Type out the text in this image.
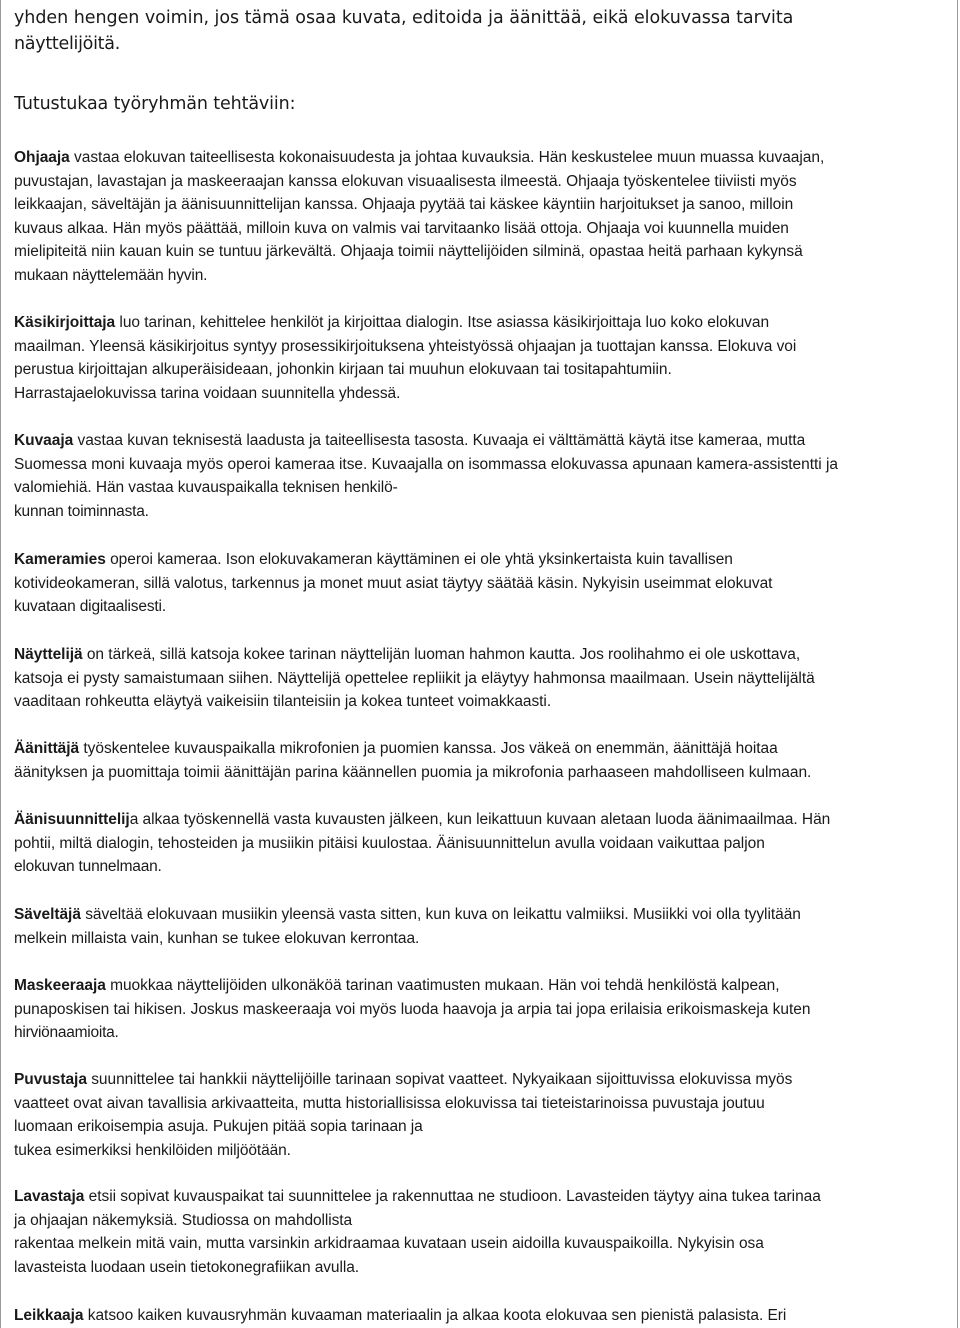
yhden hengen voimin, jos tämä osaa kuvata, editoida ja äänittää, eikä elokuvassa tarvita
näyttelijöitä.
Tutustukaa työryhmän tehtäviin:
Ohjaaja vastaa elokuvan taiteellisesta kokonaisuudesta ja johtaa kuvauksia. Hän keskustelee muun muassa kuvaajan,
puvustajan, lavastajan ja maskeeraajan kanssa elokuvan visuaalisesta ilmeestä. Ohjaaja työskentelee tiiviisti myös
leikkaajan, säveltäjän ja äänisuunnittelijan kanssa. Ohjaaja pyytää tai käskee käyntiin harjoitukset ja sanoo, milloin
kuvaus alkaa. Hän myös päättää, milloin kuva on valmis vai tarvitaanko lisää ottoja. Ohjaaja voi kuunnella muiden
mielipiteitä niin kauan kuin se tuntuu järkevältä. Ohjaaja toimii näyttelijöiden silminä, opastaa heitä parhaan kykynsä
mukaan näyttelemään hyvin.
Käsikirjoittaja luo tarinan, kehittelee henkilöt ja kirjoittaa dialogin. Itse asiassa käsikirjoittaja luo koko elokuvan
maailman. Yleensä käsikirjoitus syntyy prosessikirjoituksena yhteistyössä ohjaajan ja tuottajan kanssa. Elokuva voi
perustua kirjoittajan alkuperäisideaan, johonkin kirjaan tai muuhun elokuvaan tai tositapahtumiin.
Harrastajaelokuvissa tarina voidaan suunnitella yhdessä.
Kuvaaja vastaa kuvan teknisestä laadusta ja taiteellisesta tasosta. Kuvaaja ei välttämättä käytä itse kameraa, mutta
Suomessa moni kuvaaja myös operoi kameraa itse. Kuvaajalla on isommassa elokuvassa apunaan kamera-assistentti ja
valomiehiä. Hän vastaa kuvauspaikalla teknisen henkilö-
kunnan toiminnasta.
Kameramies operoi kameraa. Ison elokuvakameran käyttäminen ei ole yhtä yksinkertaista kuin tavallisen
kotivideokameran, sillä valotus, tarkennus ja monet muut asiat täytyy säätää käsin. Nykyisin useimmat elokuvat
kuvataan digitaalisesti.
Näyttelijä on tärkeä, sillä katsoja kokee tarinan näyttelijän luoman hahmon kautta. Jos roolihahmo ei ole uskottava,
katsoja ei pysty samaistumaan siihen. Näyttelijä opettelee repliikit ja eläytyy hahmonsa maailmaan. Usein näyttelijältä
vaaditaan rohkeutta eläytyä vaikeisiin tilanteisiin ja kokea tunteet voimakkaasti.
Äänittäjä työskentelee kuvauspaikalla mikrofonien ja puomien kanssa. Jos väkeä on enemmän, äänittäjä hoitaa
äänityksen ja puomittaja toimii äänittäjän parina käännellen puomia ja mikrofonia parhaaseen mahdolliseen kulmaan.
Äänisuunnittelija alkaa työskennellä vasta kuvausten jälkeen, kun leikattuun kuvaan aletaan luoda äänimaailmaa. Hän
pohtii, miltä dialogin, tehosteiden ja musiikin pitäisi kuulostaa. Äänisuunnittelun avulla voidaan vaikuttaa paljon
elokuvan tunnelmaan.
Säveltäjä säveltää elokuvaan musiikin yleensä vasta sitten, kun kuva on leikattu valmiiksi. Musiikki voi olla tyylitään
melkein millaista vain, kunhan se tukee elokuvan kerrontaa.
Maskeeraaja muokkaa näyttelijöiden ulkonäköä tarinan vaatimusten mukaan. Hän voi tehdä henkilöstä kalpean,
punaposkisen tai hikisen. Joskus maskeeraaja voi myös luoda haavoja ja arpia tai jopa erilaisia erikoismaskeja kuten
hirviönaamioita.
Puvustaja suunnittelee tai hankkii näyttelijöille tarinaan sopivat vaatteet. Nykyaikaan sijoittuvissa elokuvissa myös
vaatteet ovat aivan tavallisia arkivaatteita, mutta historiallisissa elokuvissa tai tieteistarinoissa puvustaja joutuu
luomaan erikoisempia asuja. Pukujen pitää sopia tarinaan ja
tukea esimerkiksi henkilöiden miljöötään.
Lavastaja etsii sopivat kuvauspaikat tai suunnittelee ja rakennuttaa ne studioon. Lavasteiden täytyy aina tukea tarinaa
ja ohjaajan näkemyksiä. Studiossa on mahdollista
rakentaa melkein mitä vain, mutta varsinkin arkidraamaa kuvataan usein aidoilla kuvauspaikoilla. Nykyisin osa
lavasteista luodaan usein tietokonegrafiikan avulla.
Leikkaaja katsoo kaiken kuvausryhmän kuvaaman materiaalin ja alkaa koota elokuvaa sen pienistä palasista. Eri
